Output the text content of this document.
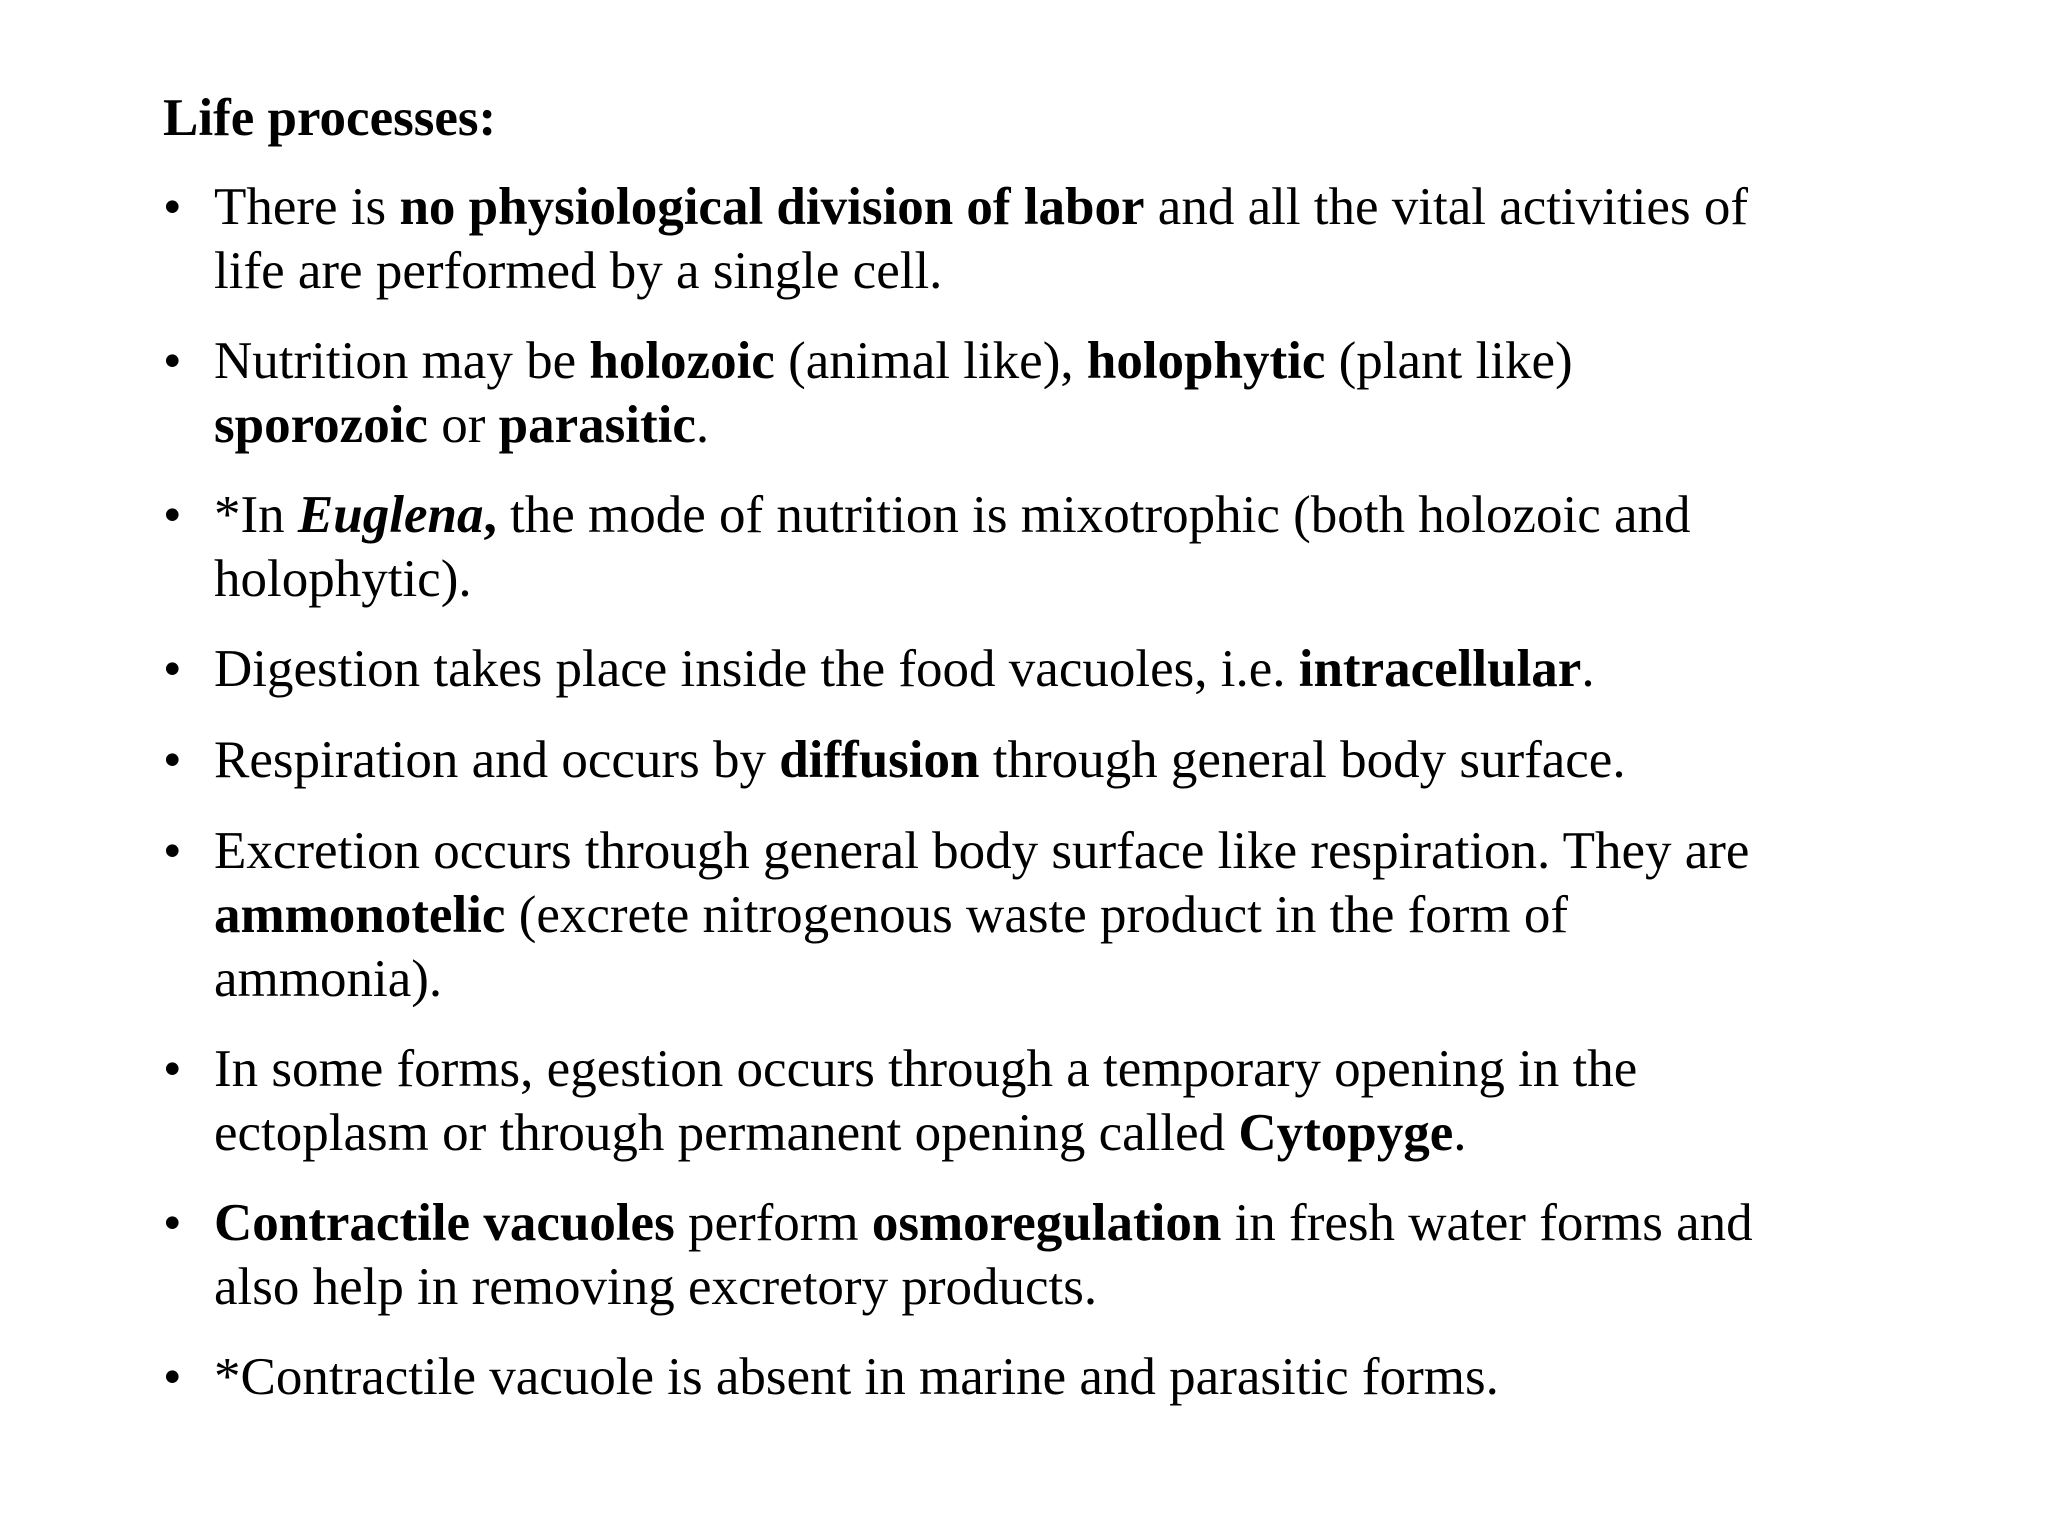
Life processes:
• There is no physiological division of labor and all the vital activities of
life are performed by a single cell.

• Nutrition may be holozoic (animal like), holophytic (plant like)
sporozoic or parasitic.

• *In Euglena, the mode of nutrition is mixotrophic (both holozoic and
holophytic).

• Digestion takes place inside the food vacuoles, i.e. intracellular.

• Respiration and occurs by diffusion through general body surface.

• Excretion occurs through general body surface like respiration. They are
ammonotelic (excrete nitrogenous waste product in the form of
ammonia).

• In some forms, egestion occurs through a temporary opening in the
ectoplasm or through permanent opening called Cytopyge.

• Contractile vacuoles perform osmoregulation in fresh water forms and
also help in removing excretory products.

• *Contractile vacuole is absent in marine and parasitic forms.
